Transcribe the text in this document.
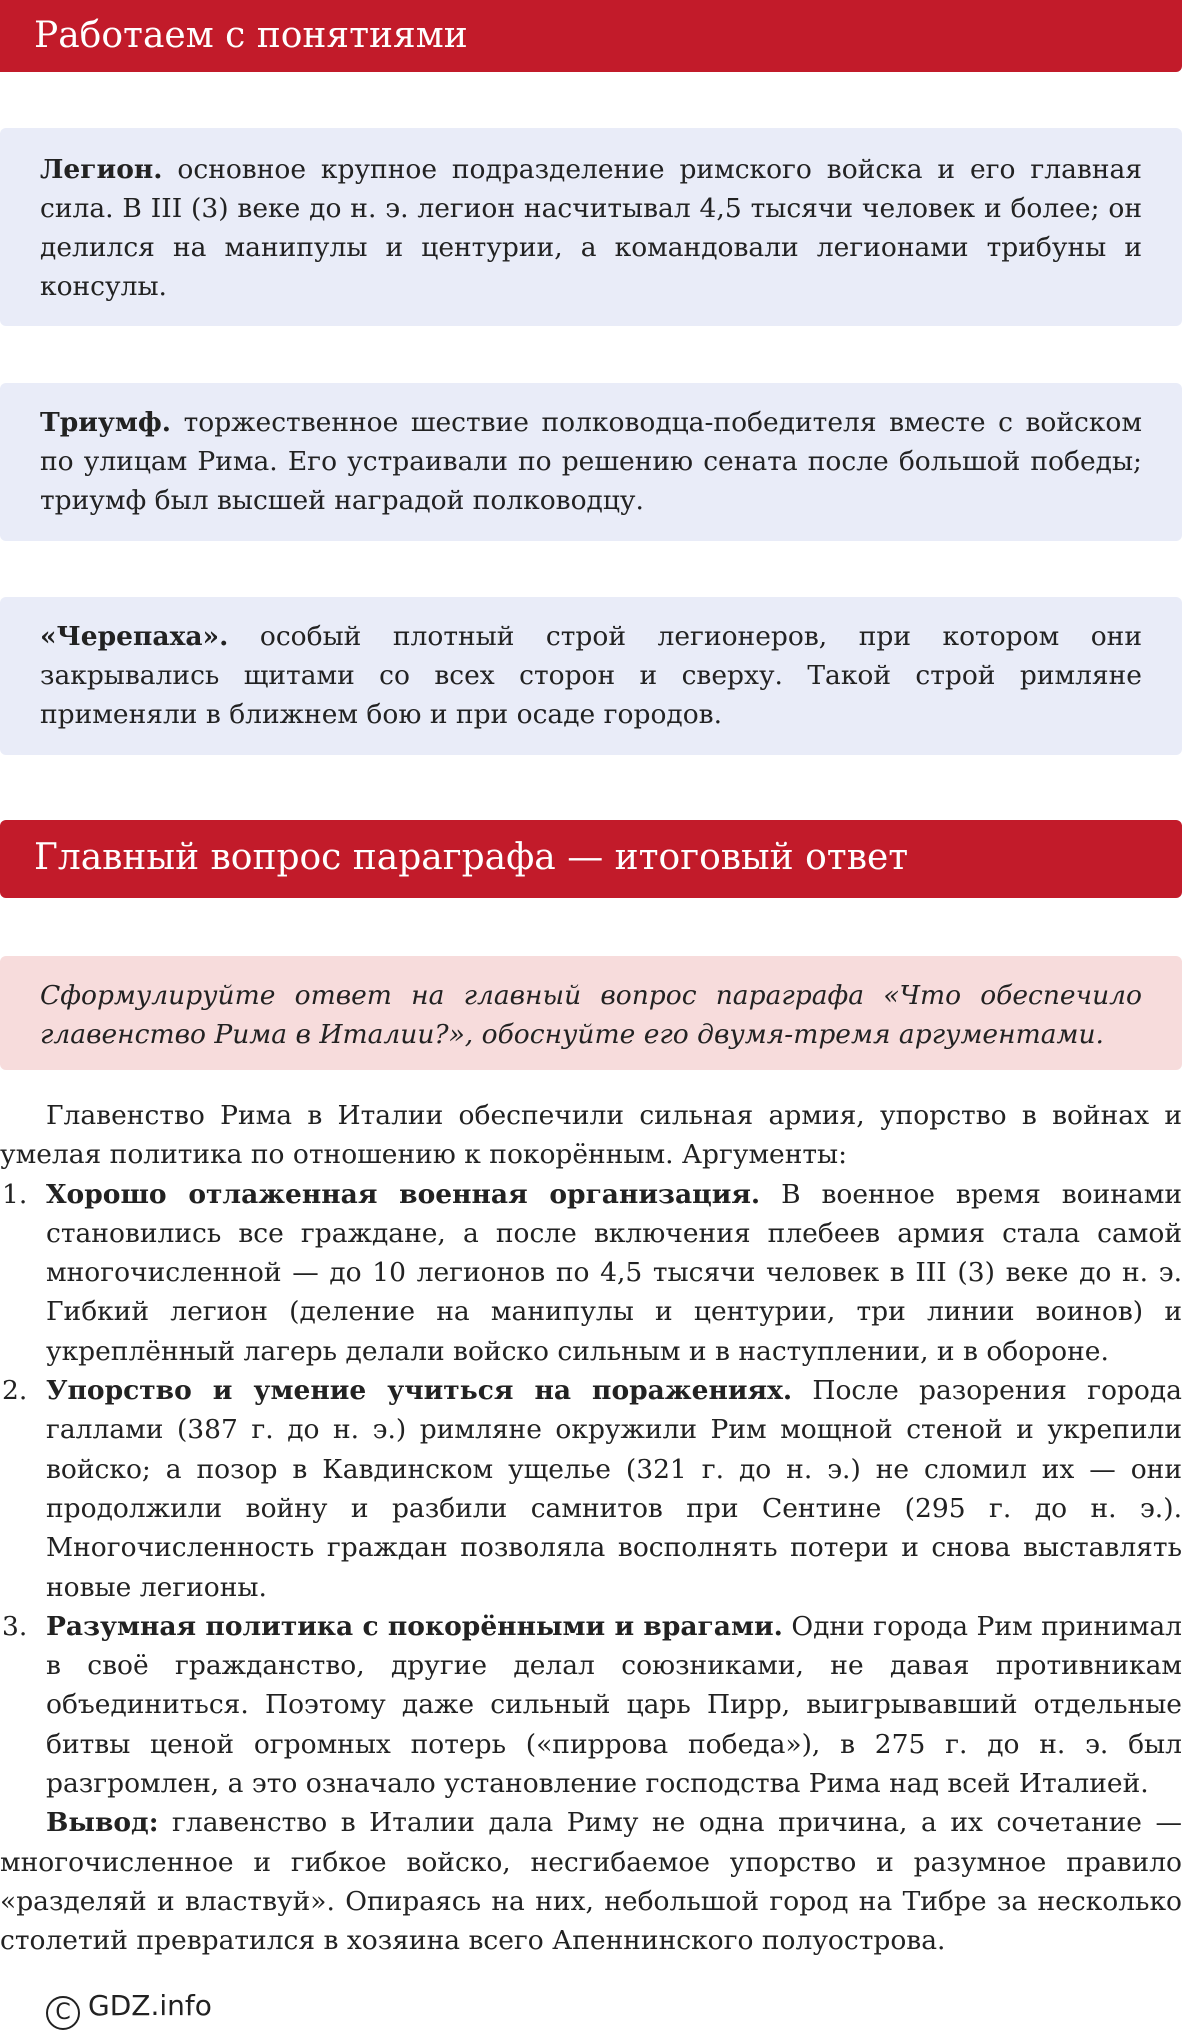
Работаем с понятиями
Легион. основное крупное подразделение римского войска и его главная сила. В III (3) веке до н. э. легион насчитывал 4,5 тысячи человек и более; он делился на манипулы и центурии, а командовали легионами трибуны и консулы.
Триумф. торжественное шествие полководца-победителя вместе с войском по улицам Рима. Его устраивали по решению сената после большой победы; триумф был высшей наградой полководцу.
«Черепаха». особый плотный строй легионеров, при котором они закрывались щитами со всех сторон и сверху. Такой строй римляне применяли в ближнем бою и при осаде городов.
Главный вопрос параграфа — итоговый ответ
Сформулируйте ответ на главный вопрос параграфа «Что обеспечило главенство Рима в Италии?», обоснуйте его двумя-тремя аргументами.

Главенство Рима в Италии обеспечили сильная армия, упорство в войнах и умелая политика по отношению к покорённым. Аргументы:

1. Хорошо отлаженная военная организация. В военное время воинами становились все граждане, а после включения плебеев армия стала самой многочисленной — до 10 легионов по 4,5 тысячи человек в III (3) веке до н. э. Гибкий легион (деление на манипулы и центурии, три линии воинов) и укреплённый лагерь делали войско сильным и в наступлении, и в обороне.
2. Упорство и умение учиться на поражениях. После разорения города галлами (387 г. до н. э.) римляне окружили Рим мощной стеной и укрепили войско; а позор в Кавдинском ущелье (321 г. до н. э.) не сломил их — они продолжили войну и разбили самнитов при Сентине (295 г. до н. э.). Многочисленность граждан позволяла восполнять потери и снова выставлять новые легионы.
3. Разумная политика с покорёнными и врагами. Одни города Рим принимал в своё гражданство, другие делал союзниками, не давая противникам объединиться. Поэтому даже сильный царь Пирр, выигрывавший отдельные битвы ценой огромных потерь («пиррова победа»), в 275 г. до н. э. был разгромлен, а это означало установление господства Рима над всей Италией.

Вывод: главенство в Италии дала Риму не одна причина, а их сочетание — многочисленное и гибкое войско, несгибаемое упорство и разумное правило «разделяй и властвуй». Опираясь на них, небольшой город на Тибре за несколько столетий превратился в хозяина всего Апеннинского полуострова.

C GDZ.info
